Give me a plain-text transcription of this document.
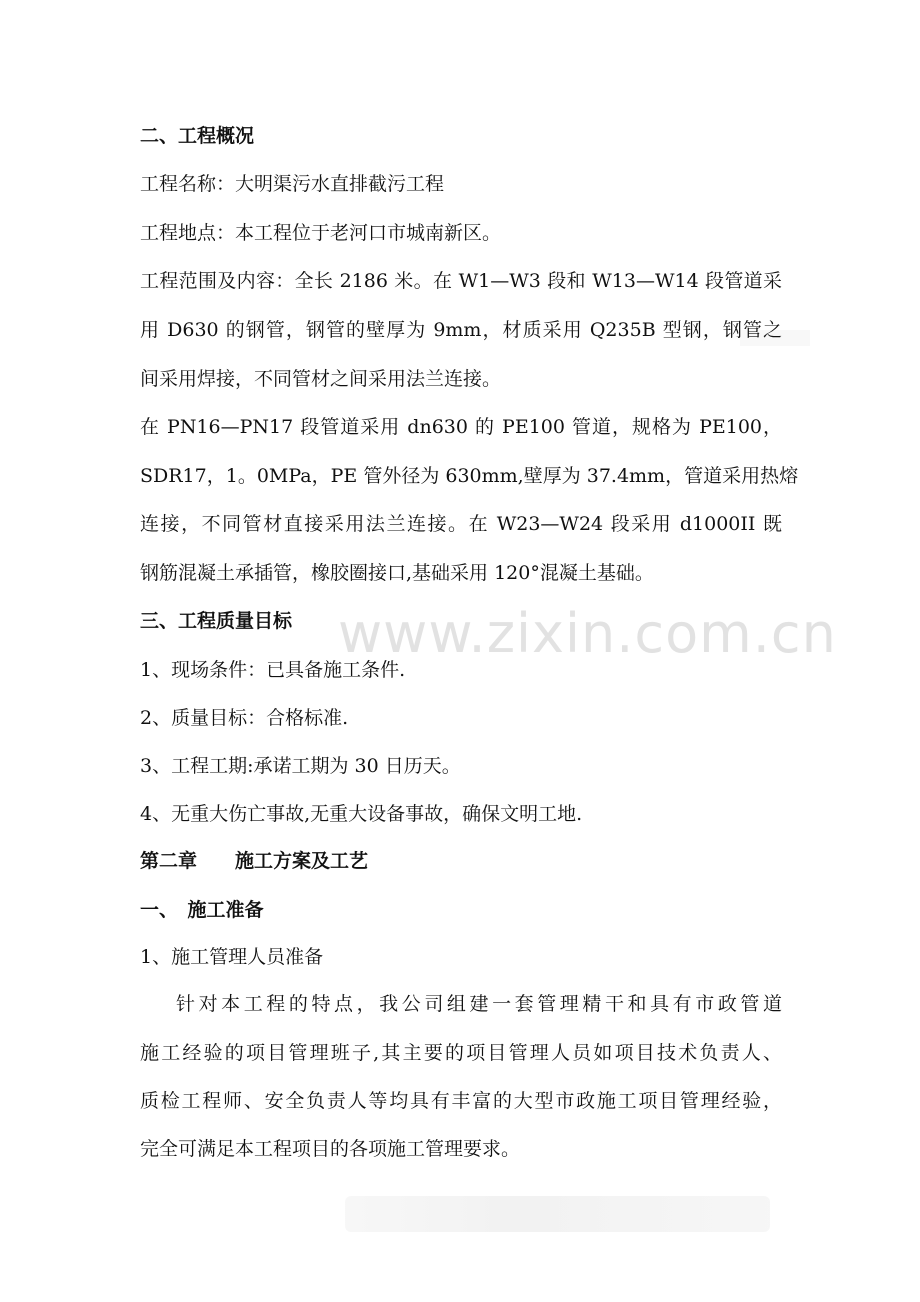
www.zixin.com.cn
二、工程概况
工程名称：大明渠污水直排截污工程
工程地点：本工程位于老河口市城南新区。
工程范围及内容：全长 2186 米。在 W1—W3 段和 W13—W14 段管道采
用 D630 的钢管，钢管的壁厚为 9mm，材质采用 Q235B 型钢，钢管之
间采用焊接，不同管材之间采用法兰连接。
在 PN16—PN17 段管道采用 dn630 的 PE100 管道，规格为 PE100，
SDR17，1。0MPa，PE 管外径为 630mm,壁厚为 37.4mm，管道采用热熔
连接，不同管材直接采用法兰连接。在 W23—W24 段采用 d1000II 既
钢筋混凝土承插管，橡胶圈接口,基础采用 120°混凝土基础。
三、工程质量目标
1、现场条件：已具备施工条件.
2、质量目标：合格标准.
3、工程工期:承诺工期为 30 日历天。
4、无重大伤亡事故,无重大设备事故，确保文明工地.
第二章　　施工方案及工艺
一、　施工准备
1、施工管理人员准备
针对本工程的特点，我公司组建一套管理精干和具有市政管道
施工经验的项目管理班子,其主要的项目管理人员如项目技术负责人、
质检工程师、安全负责人等均具有丰富的大型市政施工项目管理经验，
完全可满足本工程项目的各项施工管理要求。
